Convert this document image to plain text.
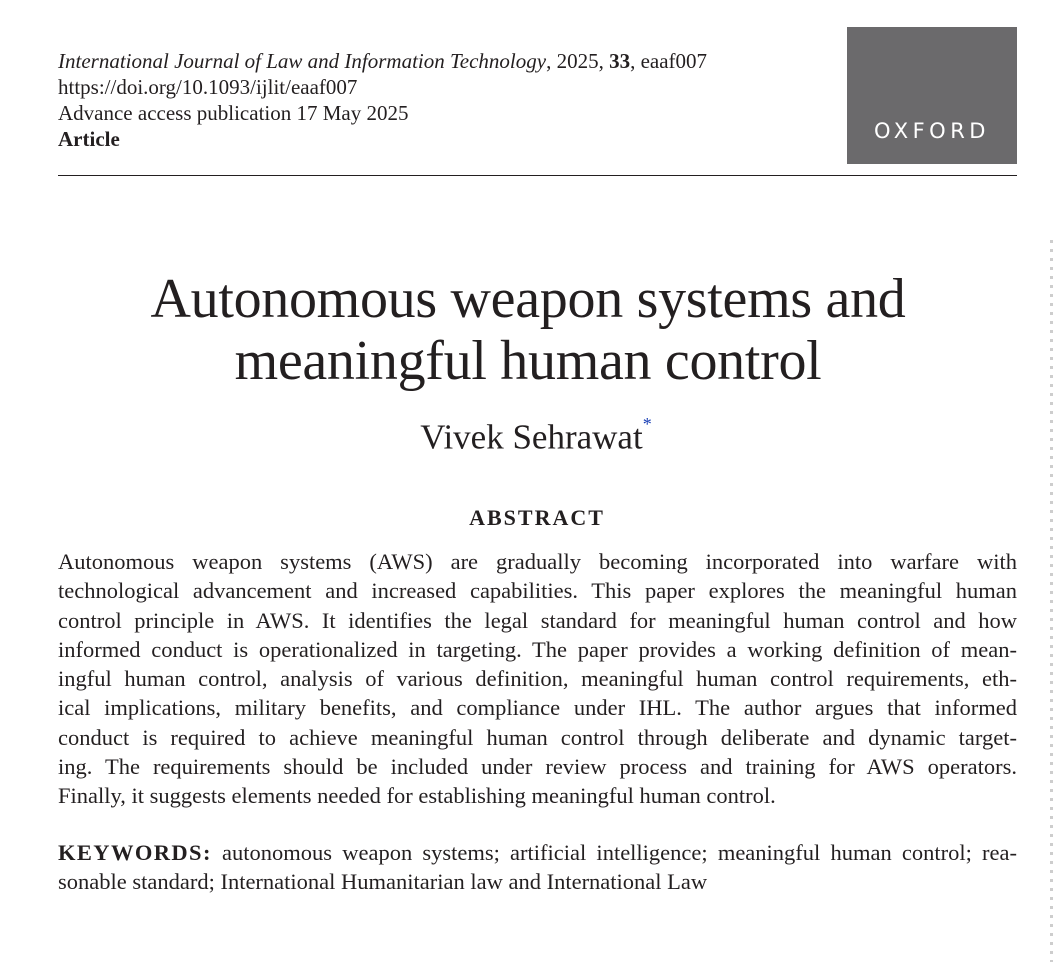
International Journal of Law and Information Technology, 2025, 33, eaaf007
https://doi.org/10.1093/ijlit/eaaf007
Advance access publication 17 May 2025
Article	OXFORD
Autonomous weapon systems and
meaningful human control
Vivek Sehrawat*
ABSTRACT
Autonomous weapon systems (AWS) are gradually becoming incorporated into warfare with
technological advancement and increased capabilities. This paper explores the meaningful human
control principle in AWS. It identifies the legal standard for meaningful human control and how
informed conduct is operationalized in targeting. The paper provides a working definition of mean-
ingful human control, analysis of various definition, meaningful human control requirements, eth-
ical implications, military benefits, and compliance under IHL. The author argues that informed
conduct is required to achieve meaningful human control through deliberate and dynamic target-
ing. The requirements should be included under review process and training for AWS operators.
Finally, it suggests elements needed for establishing meaningful human control.
KEYWORDS: autonomous weapon systems; artificial intelligence; meaningful human control; rea-
sonable standard; International Humanitarian law and International Law
